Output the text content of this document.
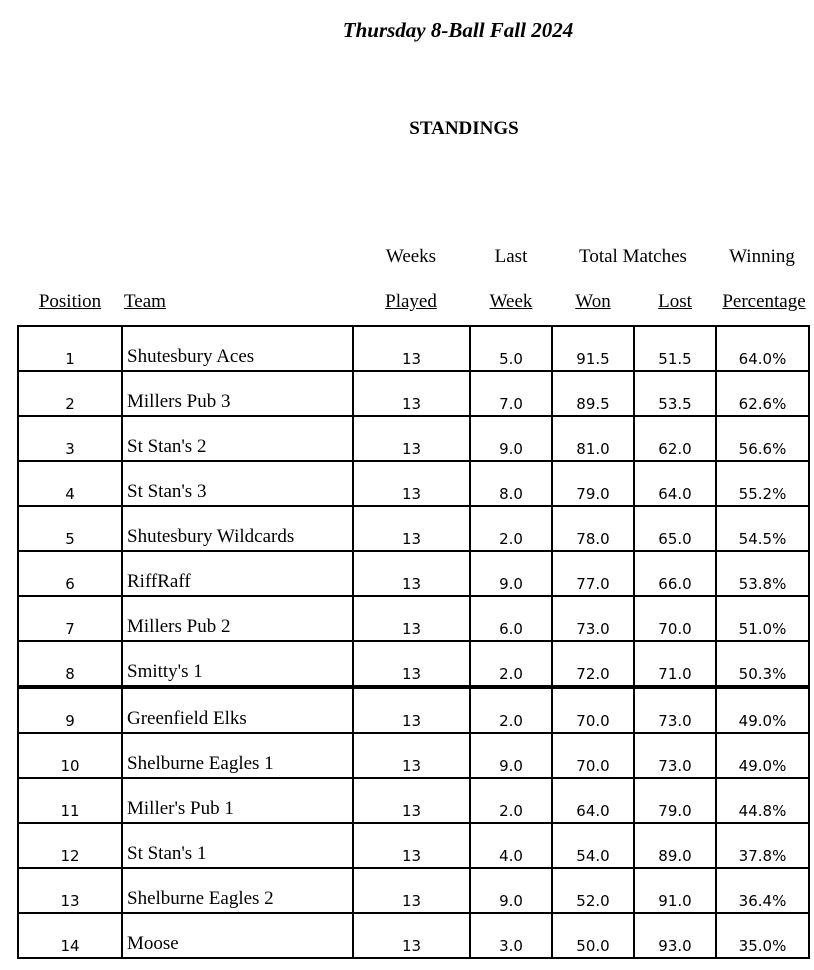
Thursday 8-Ball Fall 2024
STANDINGS
Weeks	Last	Total Matches	Winning
Position	Team	Played	Week	Won	Lost	Percentage
1	Shutesbury Aces	13	5.0	91.5	51.5	64.0%
2	Millers Pub 3	13	7.0	89.5	53.5	62.6%
3	St Stan's 2	13	9.0	81.0	62.0	56.6%
4	St Stan's 3	13	8.0	79.0	64.0	55.2%
5	Shutesbury Wildcards	13	2.0	78.0	65.0	54.5%
6	RiffRaff	13	9.0	77.0	66.0	53.8%
7	Millers Pub 2	13	6.0	73.0	70.0	51.0%
8	Smitty's 1	13	2.0	72.0	71.0	50.3%
9	Greenfield Elks	13	2.0	70.0	73.0	49.0%
10	Shelburne Eagles 1	13	9.0	70.0	73.0	49.0%
11	Miller's Pub 1	13	2.0	64.0	79.0	44.8%
12	St Stan's 1	13	4.0	54.0	89.0	37.8%
13	Shelburne Eagles 2	13	9.0	52.0	91.0	36.4%
14	Moose	13	3.0	50.0	93.0	35.0%
